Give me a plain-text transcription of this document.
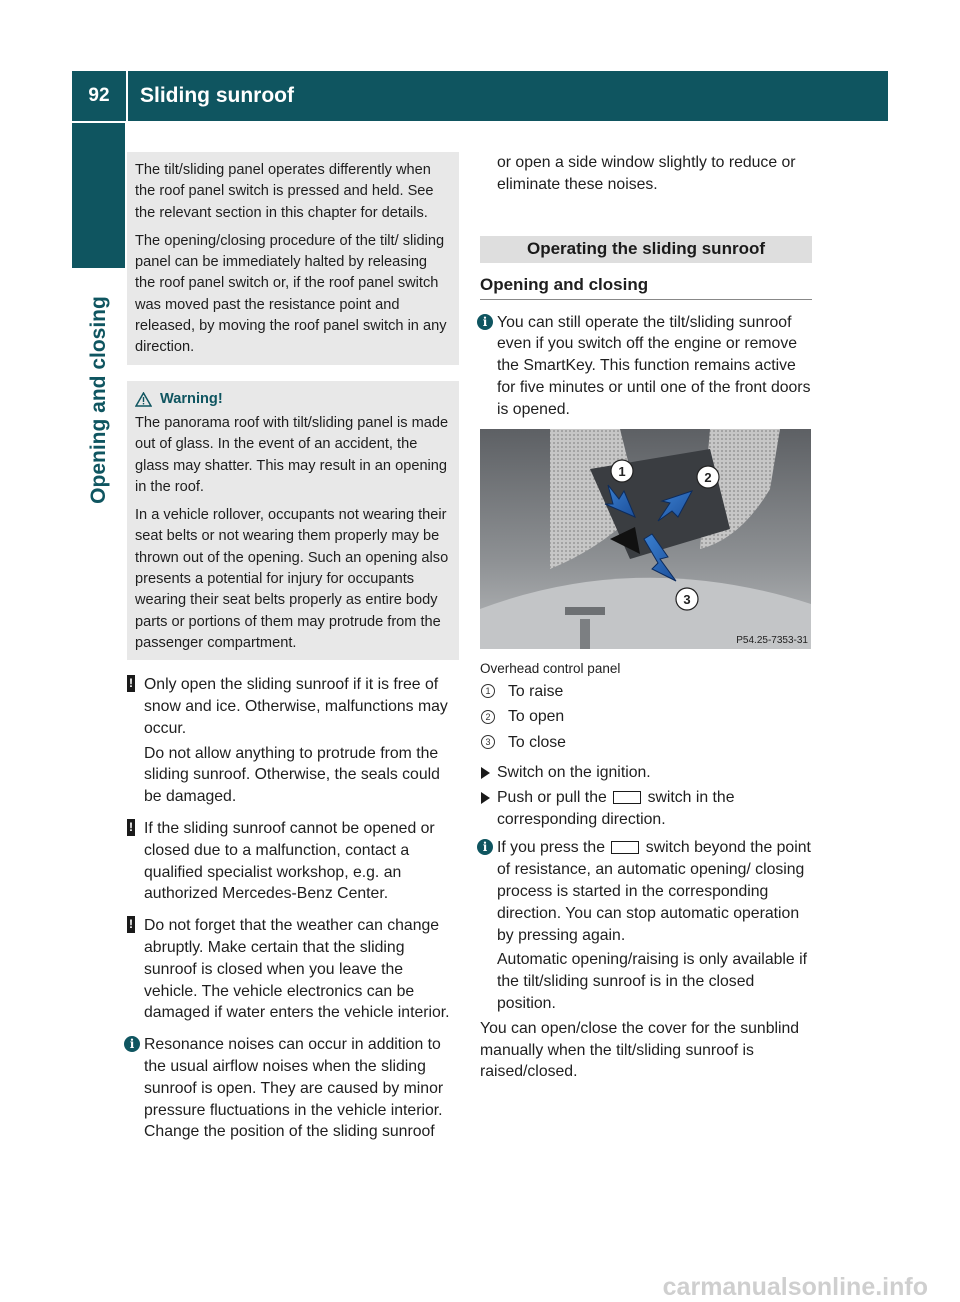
92	Sliding sunroof
Opening and closing

The tilt/sliding panel operates differently when the roof panel switch is pressed and held. See the relevant section in this chapter for details.

The opening/closing procedure of the tilt/ sliding panel can be immediately halted by releasing the roof panel switch or, if the roof panel switch was moved past the resistance point and released, by moving the roof panel switch in any direction.

Warning!

The panorama roof with tilt/sliding panel is made out of glass. In the event of an accident, the glass may shatter. This may result in an opening in the roof.

In a vehicle rollover, occupants not wearing their seat belts or not wearing them properly may be thrown out of the opening. Such an opening also presents a potential for injury for occupants wearing their seat belts properly as entire body parts or portions of them may protrude from the passenger compartment.

! Only open the sliding sunroof if it is free of snow and ice. Otherwise, malfunctions may occur.

Do not allow anything to protrude from the sliding sunroof. Otherwise, the seals could be damaged.

! If the sliding sunroof cannot be opened or closed due to a malfunction, contact a qualified specialist workshop, e.g. an authorized Mercedes-Benz Center.

! Do not forget that the weather can change abruptly. Make certain that the sliding sunroof is closed when you leave the vehicle. The vehicle electronics can be damaged if water enters the vehicle interior.

i Resonance noises can occur in addition to the usual airflow noises when the sliding sunroof is open. They are caused by minor pressure fluctuations in the vehicle interior. Change the position of the sliding sunroof

or open a side window slightly to reduce or eliminate these noises.

Operating the sliding sunroof
Opening and closing
i You can still operate the tilt/sliding sunroof even if you switch off the engine or remove the SmartKey. This function remains active for five minutes or until one of the front doors is opened.

1	2
3
P54.25-7353-31
Overhead control panel
1 To raise
2 To open
3 To close
Switch on the ignition.
Push or pull the	switch in the corresponding direction.
i If you press the	switch beyond the point of resistance, an automatic opening/ closing process is started in the corresponding direction. You can stop automatic operation by pressing again.

Automatic opening/raising is only available if the tilt/sliding sunroof is in the closed position.

You can open/close the cover for the sunblind manually when the tilt/sliding sunroof is raised/closed.

carmanualsonline.info
